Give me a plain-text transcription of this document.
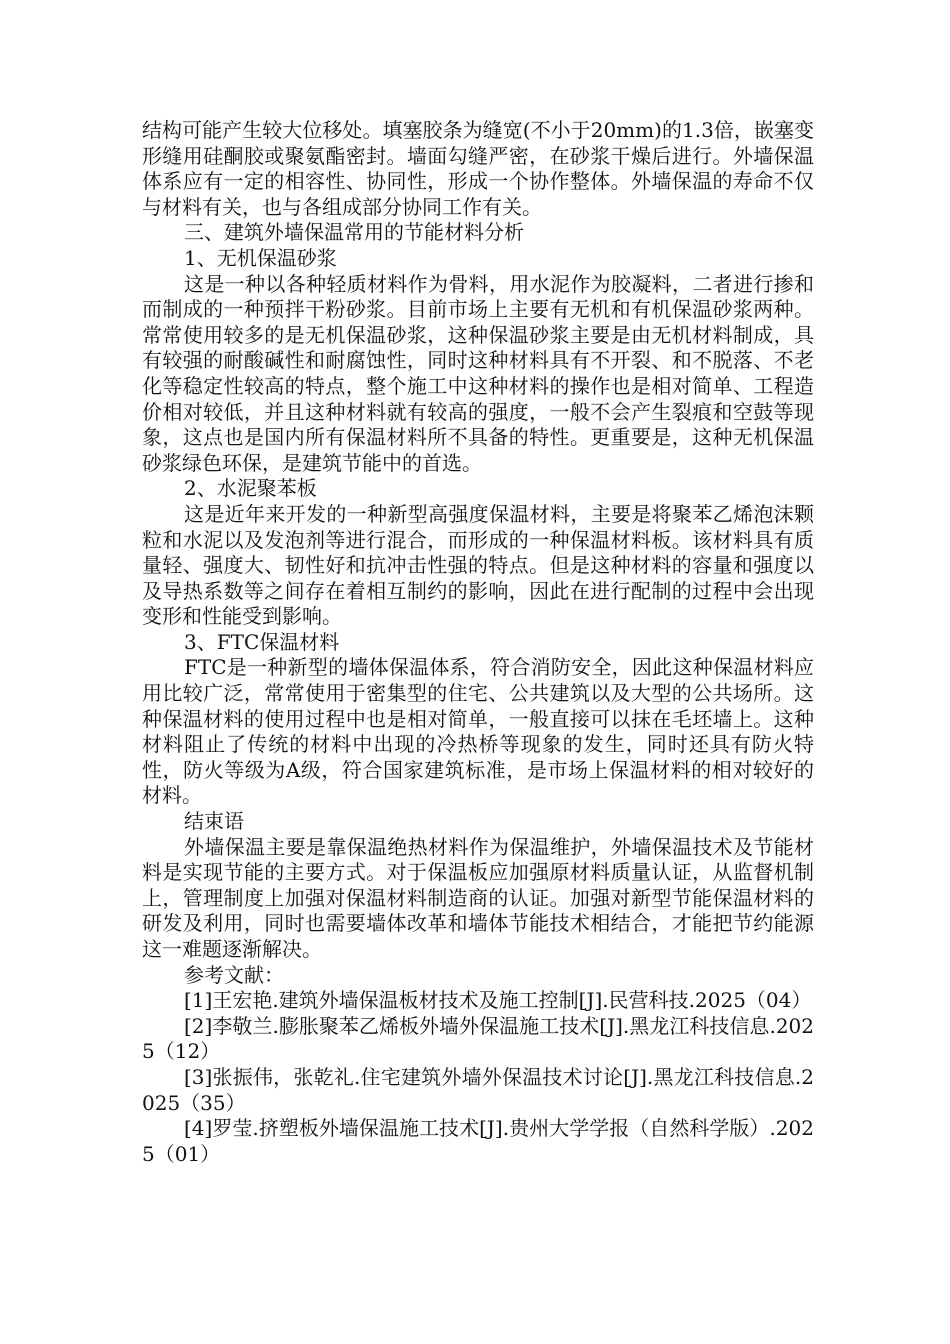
结构可能产生较大位移处。填塞胶条为缝宽(不小于20mm)的1.3倍，嵌塞变形缝用硅酮胶或聚氨酯密封。墙面勾缝严密，在砂浆干燥后进行。外墙保温体系应有一定的相容性、协同性，形成一个协作整体。外墙保温的寿命不仅与材料有关，也与各组成部分协同工作有关。

三、建筑外墙保温常用的节能材料分析

1、无机保温砂浆

这是一种以各种轻质材料作为骨料，用水泥作为胶凝料，二者进行掺和而制成的一种预拌干粉砂浆。目前市场上主要有无机和有机保温砂浆两种。常常使用较多的是无机保温砂浆，这种保温砂浆主要是由无机材料制成，具有较强的耐酸碱性和耐腐蚀性，同时这种材料具有不开裂、和不脱落、不老化等稳定性较高的特点，整个施工中这种材料的操作也是相对简单、工程造价相对较低，并且这种材料就有较高的强度，一般不会产生裂痕和空鼓等现象，这点也是国内所有保温材料所不具备的特性。更重要是，这种无机保温砂浆绿色环保，是建筑节能中的首选。

2、水泥聚苯板

这是近年来开发的一种新型高强度保温材料，主要是将聚苯乙烯泡沫颗粒和水泥以及发泡剂等进行混合，而形成的一种保温材料板。该材料具有质量轻、强度大、韧性好和抗冲击性强的特点。但是这种材料的容量和强度以及导热系数等之间存在着相互制约的影响，因此在进行配制的过程中会出现变形和性能受到影响。

3、FTC保温材料

FTC是一种新型的墙体保温体系，符合消防安全，因此这种保温材料应用比较广泛，常常使用于密集型的住宅、公共建筑以及大型的公共场所。这种保温材料的使用过程中也是相对简单，一般直接可以抹在毛坯墙上。这种材料阻止了传统的材料中出现的冷热桥等现象的发生，同时还具有防火特性，防火等级为A级，符合国家建筑标准，是市场上保温材料的相对较好的材料。

结束语

外墙保温主要是靠保温绝热材料作为保温维护，外墙保温技术及节能材料是实现节能的主要方式。对于保温板应加强原材料质量认证，从监督机制上，管理制度上加强对保温材料制造商的认证。加强对新型节能保温材料的研发及利用，同时也需要墙体改革和墙体节能技术相结合，才能把节约能源这一难题逐渐解决。

参考文献：

[1]王宏艳.建筑外墙保温板材技术及施工控制[J].民营科技.2025（04）

[2]李敬兰.膨胀聚苯乙烯板外墙外保温施工技术[J].黑龙江科技信息.2025（12）

[3]张振伟，张乾礼.住宅建筑外墙外保温技术讨论[J].黑龙江科技信息.2025（35）

[4]罗莹.挤塑板外墙保温施工技术[J].贵州大学学报（自然科学版）.2025（01）
